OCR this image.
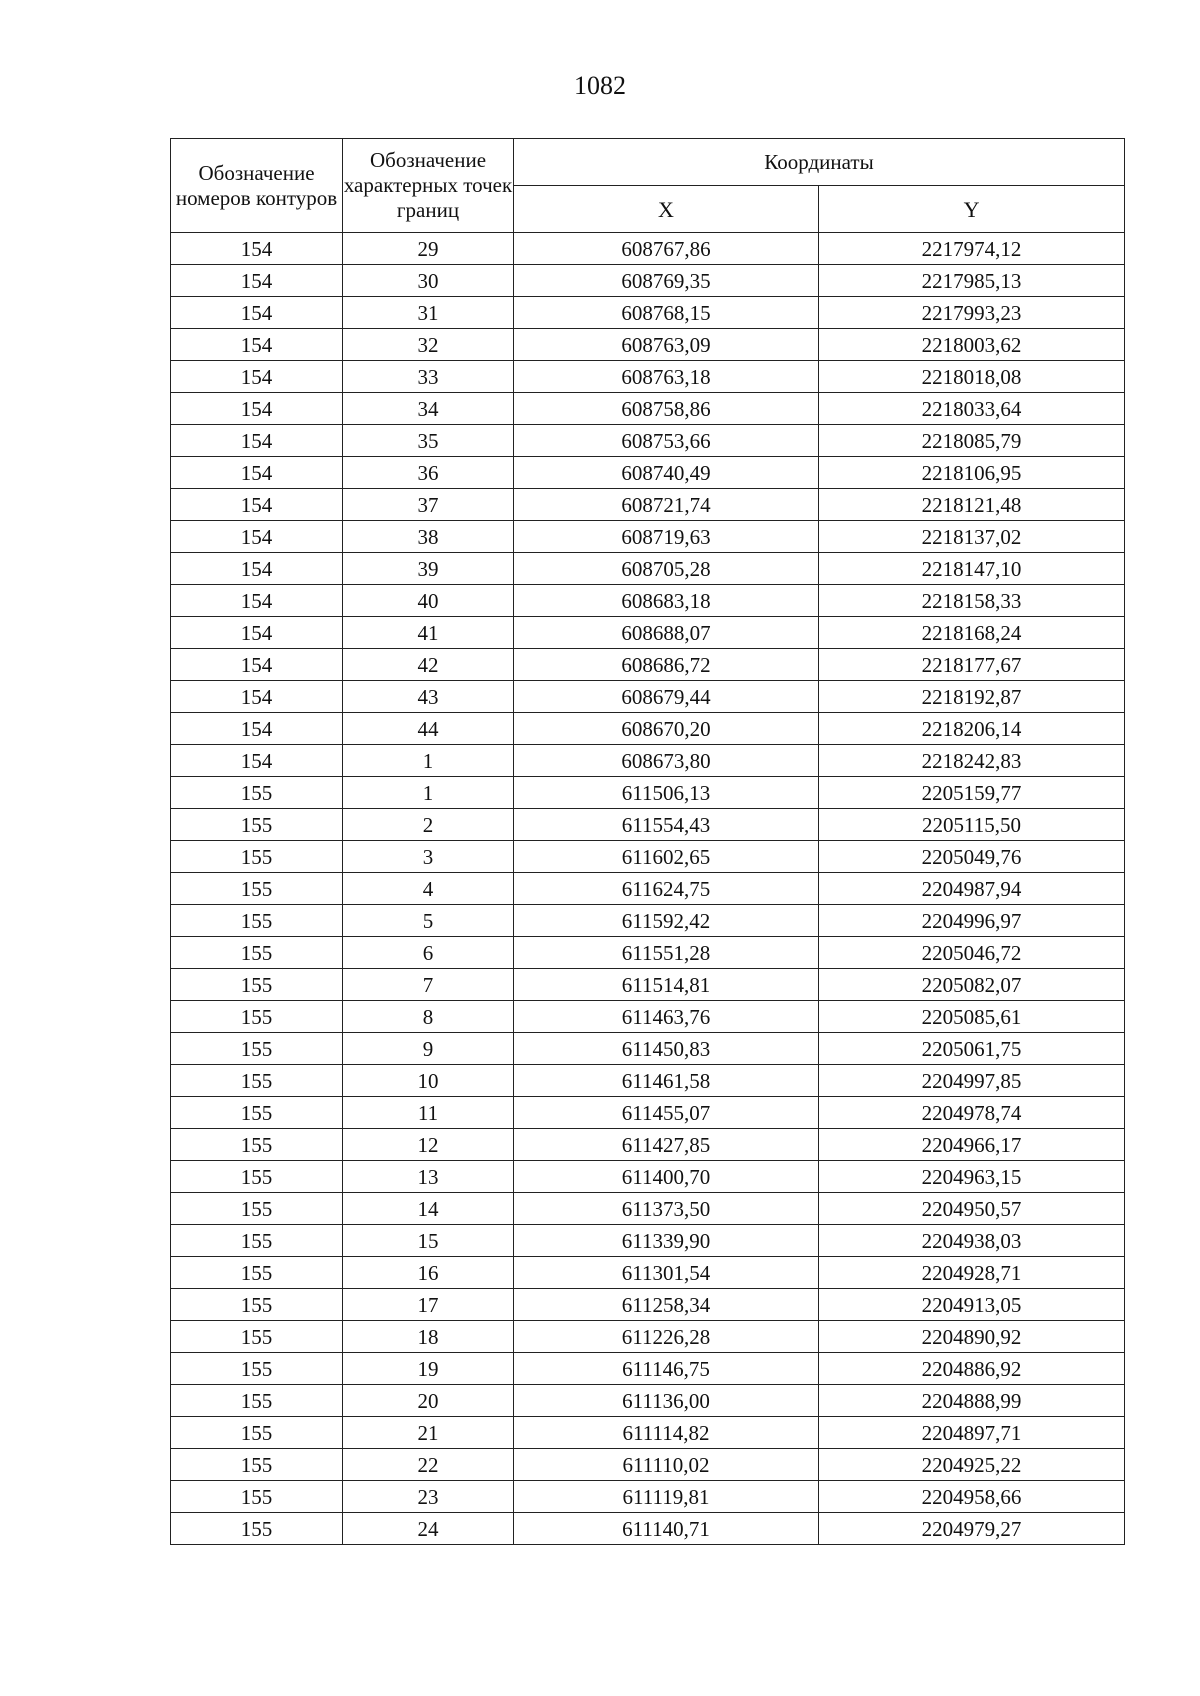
1082
Обозначение номеров контуров	Обозначение характерных точек границ	Координаты	
		X	Y
154	29	608767,86	2217974,12
154	30	608769,35	2217985,13
154	31	608768,15	2217993,23
154	32	608763,09	2218003,62
154	33	608763,18	2218018,08
154	34	608758,86	2218033,64
154	35	608753,66	2218085,79
154	36	608740,49	2218106,95
154	37	608721,74	2218121,48
154	38	608719,63	2218137,02
154	39	608705,28	2218147,10
154	40	608683,18	2218158,33
154	41	608688,07	2218168,24
154	42	608686,72	2218177,67
154	43	608679,44	2218192,87
154	44	608670,20	2218206,14
154	1	608673,80	2218242,83
155	1	611506,13	2205159,77
155	2	611554,43	2205115,50
155	3	611602,65	2205049,76
155	4	611624,75	2204987,94
155	5	611592,42	2204996,97
155	6	611551,28	2205046,72
155	7	611514,81	2205082,07
155	8	611463,76	2205085,61
155	9	611450,83	2205061,75
155	10	611461,58	2204997,85
155	11	611455,07	2204978,74
155	12	611427,85	2204966,17
155	13	611400,70	2204963,15
155	14	611373,50	2204950,57
155	15	611339,90	2204938,03
155	16	611301,54	2204928,71
155	17	611258,34	2204913,05
155	18	611226,28	2204890,92
155	19	611146,75	2204886,92
155	20	611136,00	2204888,99
155	21	611114,82	2204897,71
155	22	611110,02	2204925,22
155	23	611119,81	2204958,66
155	24	611140,71	2204979,27
